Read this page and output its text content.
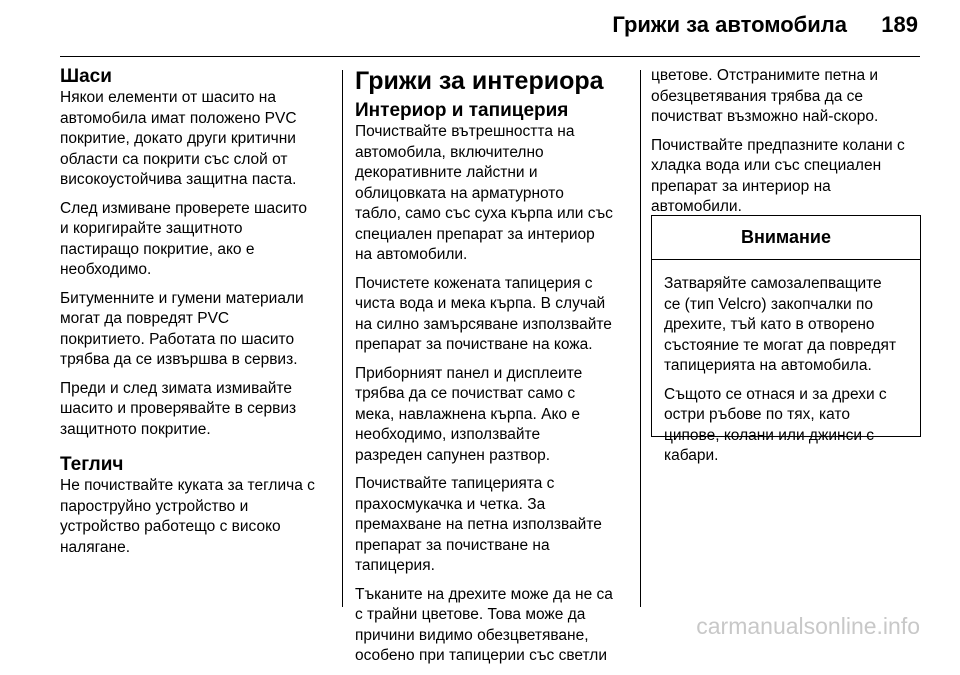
Грижи за автомобила 189
Шаси

Някои елементи от шасито на
автомобила имат положено PVC
покритие, докато други критични
области са покрити със слой от
високоустойчива защитна паста.

След измиване проверете шасито
и коригирайте защитното
пастиращо покритие, ако е
необходимо.

Битуменните и гумени материали
могат да повредят PVC
покритието. Работата по шасито
трябва да се извършва в сервиз.

Преди и след зимата измивайте
шасито и проверявайте в сервиз
защитното покритие.

Теглич

Не почиствайте куката за теглича с
пароструйно устройство и
устройство работещо с високо
налягане.

Грижи за интериора
Интериор и тапицерия

Почиствайте вътрешността на
автомобила, включително
декоративните лайстни и
облицовката на арматурното
табло, само със суха кърпа или със
специален препарат за интериор
на автомобили.

Почистете кожената тапицерия с
чиста вода и мека кърпа. В случай
на силно замърсяване използвайте
препарат за почистване на кожа.

Приборният панел и дисплеите
трябва да се почистват само с
мека, навлажнена кърпа. Ако е
необходимо, използвайте
разреден сапунен разтвор.

Почиствайте тапицерията с
прахосмукачка и четка. За
премахване на петна използвайте
препарат за почистване на
тапицерия.

Тъканите на дрехите може да не са
с трайни цветове. Това може да
причини видимо обезцветяване,
особено при тапицерии със светли

цветове. Отстранимите петна и
обезцветявания трябва да се
почистват възможно най-скоро.

Почиствайте предпазните колани с
хладка вода или със специален
препарат за интериор на
автомобили.

Внимание

Затваряйте самозалепващите
се (тип Velcro) закопчалки по
дрехите, тъй като в отворено
състояние те могат да повредят
тапицерията на автомобила.

Същото се отнася и за дрехи с
остри ръбове по тях, като
ципове, колани или джинси с
кабари.

carmanualsonline.info
